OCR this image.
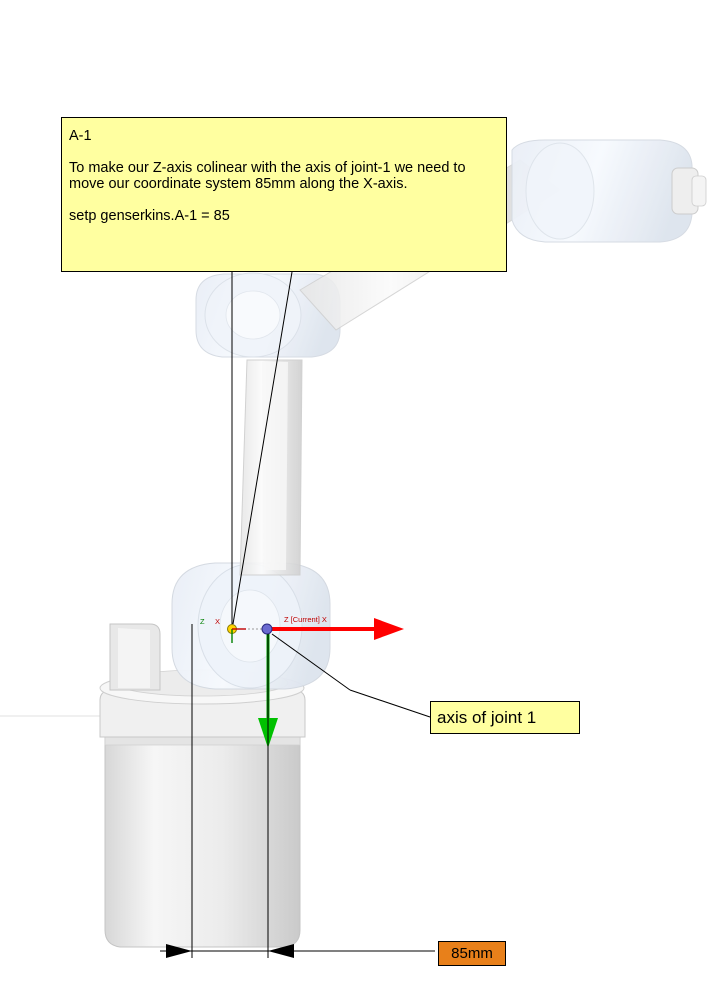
Z X	Z [Current] X
A-1
To make our Z-axis colinear with the axis of joint-1 we need to move our coordinate system 85mm along the X-axis.
setp genserkins.A-1 = 85
axis of joint 1
85mm
